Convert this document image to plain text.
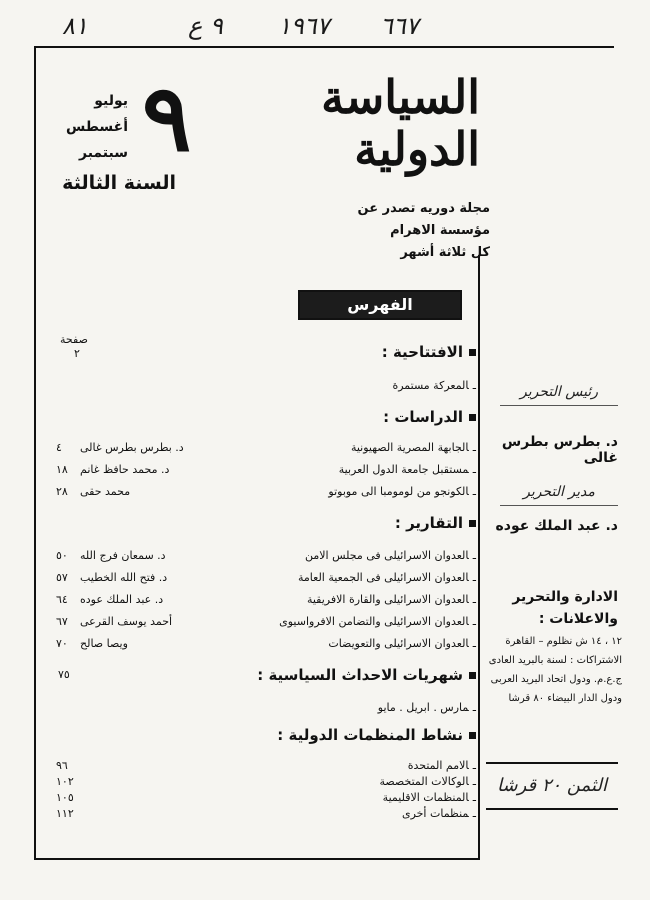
٨١	٩ ع ١٩٦٧ ٦٦٧
٩
يوليو
أغسطس
سبتمبر
السنة الثالثة
السياسة
الدولية
مجلة دوريه تصدر عن
مؤسسة الاهرام
كل ثلاثة أشهر
الفهرس
صفحة
٢	الافتتاحية :
ـالمعركة مستمرة
الدراسات :
ـالجابهة المصرية الصهيونية
د. بطرس بطرس غالى
٤
ـمستقبل جامعة الدول العربية
د. محمد حافظ غانم
١٨
ـالكونجو من لومومبا الى موبوتو
محمد حقى
٢٨
التقارير :
ـالعدوان الاسرائيلى فى مجلس الامن
د. سمعان فرج الله
٥٠
ـالعدوان الاسرائيلى فى الجمعية العامة
د. فتح الله الخطيب
٥٧
ـالعدوان الاسرائيلى والقارة الافريقية
د. عبد الملك عوده
٦٤
ـالعدوان الاسرائيلى والتضامن الافرواسيوى
أحمد يوسف القرعى
٦٧
ـالعدوان الاسرائيلى والتعويضات
ويصا صالح
٧٠
شهريات الاحداث السياسية :
٧٥
ـمارس . ابريل . مايو
نشاط المنظمات الدولية :
ـالامم المتحدة
٩٦
ـالوكالات المتخصصة
١٠٢
ـالمنظمات الاقليمية
١٠٥
ـمنظمات أخرى
١١٢
رئيس التحرير
د. بطرس بطرس غالى
مدير التحرير
د. عبد الملك عوده
الادارة والتحرير والاعلانات :
١٢ ، ١٤ ش نظلوم – القاهرة الاشتراكات : لسنة بالبريد العادى ج.ع.م. ودول اتحاد البريد العربى ودول الدار البيضاء ٨٠ قرشا
الثمن ٢٠ قرشا
